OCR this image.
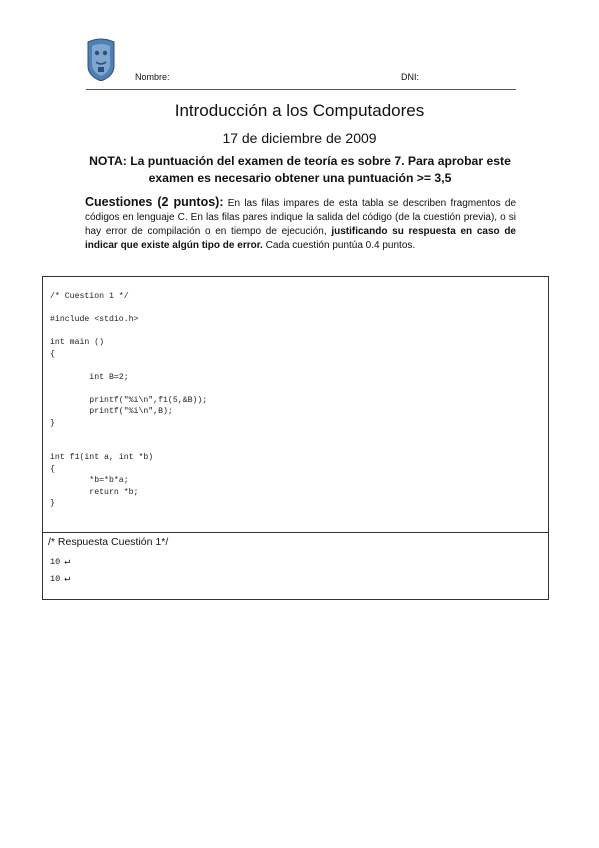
Nombre:	DNI:
Introducción a los Computadores
17 de diciembre de 2009
NOTA: La puntuación del examen de teoría es sobre 7. Para aprobar este examen es necesario obtener una puntuación >= 3,5
Cuestiones (2 puntos): En las filas impares de esta tabla se describen fragmentos de códigos en lenguaje C. En las filas pares indique la salida del código (de la cuestión previa), o si hay error de compilación o en tiempo de ejecución, justificando su respuesta en caso de indicar que existe algún tipo de error. Cada cuestión puntúa 0.4 puntos.
/* Cuestion 1 */

#include <stdio.h>

int main ()
{

int B=2;

printf("%i\n",f1(5,&B));
printf("%i\n",B);
}

int f1(int a, int *b)
{
*b=*b*a;
return *b;
}
/* Respuesta Cuestión 1*/
10 ↵
10 ↵
